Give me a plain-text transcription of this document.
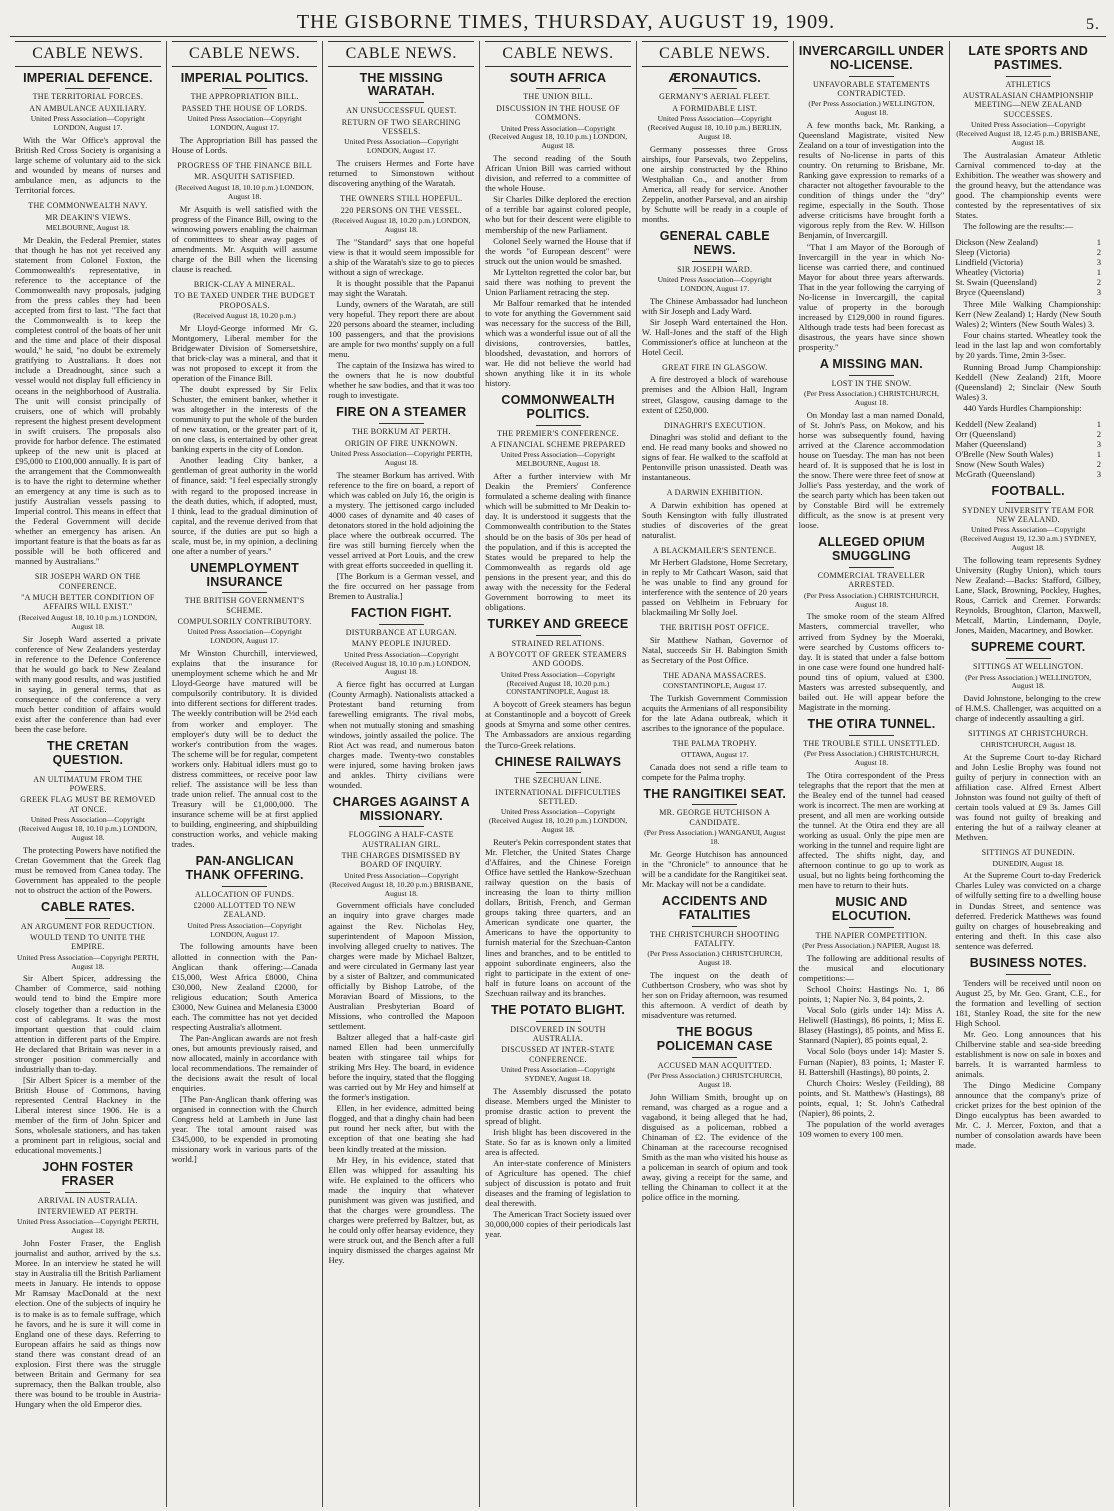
THE GISBORNE TIMES, THURSDAY, AUGUST 19, 1909.	5.
CABLE NEWS.
IMPERIAL DEFENCE.
THE TERRITORIAL FORCES.
AN AMBULANCE AUXILIARY.
United Press Association—Copyright LONDON, August 17.

With the War Office's approval the British Red Cross Society is organising a large scheme of voluntary aid to the sick and wounded by means of nurses and ambulance men, as adjuncts to the Territorial forces.

THE COMMONWEALTH NAVY.
MR DEAKIN'S VIEWS.
MELBOURNE, August 18.

Mr Deakin, the Federal Premier, states that though he has not yet received any statement from Colonel Foxton, the Commonwealth's representative, in reference to the acceptance of the Commonwealth navy proposals, judging from the press cables they had been accepted from first to last. "The fact that the Commonwealth is to keep the completest control of the boats of her unit and the time and place of their disposal would," he said, "no doubt be extremely gratifying to Australians. It does not include a Dreadnought, since such a vessel would not display full efficiency in oceans in the neighborhood of Australia. The unit will consist principally of cruisers, one of which will probably represent the highest present development in swift cruisers. The proposals also provide for harbor defence. The estimated upkeep of the new unit is placed at £95,000 to £100,000 annually. It is part of the arrangement that the Commonwealth is to have the right to determine whether an emergency at any time is such as to justify Australian vessels passing to Imperial control. This means in effect that the Federal Government will decide whether an emergency has arisen. An important feature is that the boats as far as possible will be both officered and manned by Australians."

SIR JOSEPH WARD ON THE CONFERENCE.
"A MUCH BETTER CONDITION OF AFFAIRS WILL EXIST."
(Received August 18, 10.10 p.m.) LONDON, August 18.

Sir Joseph Ward asserted a private conference of New Zealanders yesterday in reference to the Defence Conference that he would go back to New Zealand with many good results, and was justified in saying, in general terms, that as consequence of the conference a very much better condition of affairs would exist after the conference than had ever been the case before.

THE CRETAN QUESTION.
AN ULTIMATUM FROM THE POWERS.
GREEK FLAG MUST BE REMOVED AT ONCE.
United Press Association—Copyright (Received August 18, 10.10 p.m.) LONDON, August 18.

The protecting Powers have notified the Cretan Government that the Greek flag must be removed from Canea today. The Government has appealed to the people not to obstruct the action of the Powers.

CABLE RATES.
AN ARGUMENT FOR REDUCTION.
WOULD TEND TO UNITE THE EMPIRE.
United Press Association—Copyright PERTH, August 18.

Sir Albert Spicer, addressing the Chamber of Commerce, said nothing would tend to bind the Empire more closely together than a reduction in the cost of cablegrams. It was the most important question that could claim attention in different parts of the Empire. He declared that Britain was never in a stronger position commercially and industrially than to-day.

[Sir Albert Spicer is a member of the British House of Commons, having represented Central Hackney in the Liberal interest since 1906. He is a member of the firm of John Spicer and Sons, wholesale stationers, and has taken a prominent part in religious, social and educational movements.]

JOHN FOSTER FRASER
ARRIVAL IN AUSTRALIA.
INTERVIEWED AT PERTH.
United Press Association—Copyright PERTH, August 18.

John Foster Fraser, the English journalist and author, arrived by the s.s. Moree. In an interview he stated he will stay in Australia till the British Parliament meets in January. He intends to oppose Mr Ramsay MacDonald at the next election. One of the subjects of inquiry he is to make is as to female suffrage, which he favors, and he is sure it will come in England one of these days. Referring to European affairs he said as things now stand there was constant dread of an explosion. First there was the struggle between Britain and Germany for sea supremacy, then the Balkan trouble, also there was bound to be trouble in Austria-Hungary when the old Emperor dies.

CABLE NEWS.
IMPERIAL POLITICS.
THE APPROPRIATION BILL.
PASSED THE HOUSE OF LORDS.
United Press Association—Copyright LONDON, August 17.

The Appropriation Bill has passed the House of Lords.

PROGRESS OF THE FINANCE BILL
MR. ASQUITH SATISFIED.
(Received August 18, 10.10 p.m.) LONDON, August 18.

Mr Asquith is well satisfied with the progress of the Finance Bill, owing to the winnowing powers enabling the chairman of committees to shear away pages of amendments. Mr. Asquith will assume charge of the Bill when the licensing clause is reached.

BRICK-CLAY A MINERAL.
TO BE TAXED UNDER THE BUDGET PROPOSALS.
(Received August 18, 10.20 p.m.)

Mr Lloyd-George informed Mr G. Montgomery, Liberal member for the Bridgewater Division of Somersetshire, that brick-clay was a mineral, and that it was not proposed to except it from the operation of the Finance Bill.

The doubt expressed by Sir Felix Schuster, the eminent banker, whether it was altogether in the interests of the community to put the whole of the burden of new taxation, or the greater part of it, on one class, is entertained by other great banking experts in the city of London.

Another leading City banker, a gentleman of great authority in the world of finance, said: "I feel especially strongly with regard to the proposed increase in the death duties, which, if adopted, must, I think, lead to the gradual diminution of capital, and the revenue derived from that source, if the duties are put so high a scale, must be, in my opinion, a declining one after a number of years."

UNEMPLOYMENT INSURANCE
THE BRITISH GOVERNMENT'S SCHEME.
COMPULSORILY CONTRIBUTORY.
United Press Association—Copyright LONDON, August 17.

Mr Winston Churchill, interviewed, explains that the insurance for unemployment scheme which he and Mr Lloyd-George have matured will be compulsorily contributory. It is divided into different sections for different trades. The weekly contribution will be 2½d each from worker and employer. The employer's duty will be to deduct the worker's contribution from the wages. The scheme will be for regular, competent workers only. Habitual idlers must go to distress committees, or receive poor law relief. The assistance will be less than trade union relief. The annual cost to the Treasury will be £1,000,000. The insurance scheme will be at first applied to building, engineering, and shipbuilding construction works, and vehicle making trades.

PAN-ANGLICAN THANK OFFERING.
ALLOCATION OF FUNDS.
£2000 ALLOTTED TO NEW ZEALAND.
United Press Association—Copyright LONDON, August 17.

The following amounts have been allotted in connection with the Pan-Anglican thank offering:—Canada £15,000, West Africa £8000, China £30,000, New Zealand £2000, for religious education; South America £3000, New Guinea and Melanesia £3000 each. The committee has not yet decided respecting Australia's allotment.

The Pan-Anglican awards are not fresh ones, but amounts previously raised, and now allocated, mainly in accordance with local recommendations. The remainder of the decisions await the result of local enquiries.

[The Pan-Anglican thank offering was organised in connection with the Church Congress held at Lambeth in June last year. The total amount raised was £345,000, to be expended in promoting missionary work in various parts of the world.]

CABLE NEWS.
THE MISSING WARATAH.
AN UNSUCCESSFUL QUEST.
RETURN OF TWO SEARCHING VESSELS.
United Press Association—Copyright LONDON, August 17.

The cruisers Hermes and Forte have returned to Simonstown without discovering anything of the Waratah.

THE OWNERS STILL HOPEFUL.
220 PERSONS ON THE VESSEL.
(Received August 18, 10.20 p.m.) LONDON, August 18.

The "Standard" says that one hopeful view is that it would seem impossible for a ship of the Waratah's size to go to pieces without a sign of wreckage.

It is thought possible that the Papanui may sight the Waratah.

Lundy, owners of the Waratah, are still very hopeful. They report there are about 220 persons aboard the steamer, including 100 passengers, and that the provisions are ample for two months' supply on a full menu.

The captain of the Insizwa has wired to the owners that he is now doubtful whether he saw bodies, and that it was too rough to investigate.

FIRE ON A STEAMER
THE BORKUM AT PERTH.
ORIGIN OF FIRE UNKNOWN.
United Press Association—Copyright PERTH, August 18.

The steamer Borkum has arrived. With reference to the fire on board, a report of which was cabled on July 16, the origin is a mystery. The jettisoned cargo included 4000 cases of dynamite and 40 cases of detonators stored in the hold adjoining the place where the outbreak occurred. The fire was still burning fiercely when the vessel arrived at Port Louis, and the crew with great efforts succeeded in quelling it.

[The Borkum is a German vessel, and the fire occurred on her passage from Bremen to Australia.]

FACTION FIGHT.
DISTURBANCE AT LURGAN.
MANY PEOPLE INJURED.
United Press Association—Copyright (Received August 18, 10.10 p.m.) LONDON, August 18.

A fierce fight has occurred at Lurgan (County Armagh). Nationalists attacked a Protestant band returning from farewelling emigrants. The rival mobs, when not mutually stoning and smashing windows, jointly assailed the police. The Riot Act was read, and numerous baton charges made. Twenty-two constables were injured, some having broken jaws and ankles. Thirty civilians were wounded.

CHARGES AGAINST A MISSIONARY.
FLOGGING A HALF-CASTE AUSTRALIAN GIRL.
THE CHARGES DISMISSED BY BOARD OF INQUIRY.
United Press Association—Copyright (Received August 18, 10.20 p.m.) BRISBANE, August 18.

Government officials have concluded an inquiry into grave charges made against the Rev. Nicholas Hey, superintendent of Mapoon Mission, involving alleged cruelty to natives. The charges were made by Michael Baltzer, and were circulated in Germany last year by a sister of Baltzer, and communicated officially by Bishop Latrobe, of the Moravian Board of Missions, to the Australian Presbyterian Board of Missions, who controlled the Mapoon settlement.

Baltzer alleged that a half-caste girl named Ellen had been unmercifully beaten with stingaree tail whips for striking Mrs Hey. The board, in evidence before the inquiry, stated that the flogging was carried out by Mr Hey and himself at the former's instigation.

Ellen, in her evidence, admitted being flogged, and that a dinghy chain had been put round her neck after, but with the exception of that one beating she had been kindly treated at the mission.

Mr Hey, in his evidence, stated that Ellen was whipped for assaulting his wife. He explained to the officers who made the inquiry that whatever punishment was given was justified, and that the charges were groundless. The charges were preferred by Baltzer, but, as he could only offer hearsay evidence, they were struck out, and the Bench after a full inquiry dismissed the charges against Mr Hey.

CABLE NEWS.
SOUTH AFRICA
THE UNION BILL.
DISCUSSION IN THE HOUSE OF COMMONS.
United Press Association—Copyright (Received August 18, 10.10 p.m.) LONDON, August 18.

The second reading of the South African Union Bill was carried without division, and referred to a committee of the whole House.

Sir Charles Dilke deplored the erection of a terrible bar against colored people, who but for their descent were eligible to membership of the new Parliament.

Colonel Seely warned the House that if the words "of European descent" were struck out the union would be smashed.

Mr Lyttelton regretted the color bar, but said there was nothing to prevent the Union Parliament retracing the step.

Mr Balfour remarked that he intended to vote for anything the Government said was necessary for the success of the Bill, which was a wonderful issue out of all the divisions, controversies, battles, bloodshed, devastation, and horrors of war. He did not believe the world had shown anything like it in its whole history.

COMMONWEALTH POLITICS.
THE PREMIER'S CONFERENCE.
A FINANCIAL SCHEME PREPARED
United Press Association—Copyright MELBOURNE, August 18.

After a further interview with Mr Deakin the Premiers' Conference formulated a scheme dealing with finance which will be submitted to Mr Deakin to-day. It is understood it suggests that the Commonwealth contribution to the States should be on the basis of 30s per head of the population, and if this is accepted the States would be prepared to help the Commonwealth as regards old age pensions in the present year, and this do away with the necessity for the Federal Government borrowing to meet its obligations.

TURKEY AND GREECE
STRAINED RELATIONS.
A BOYCOTT OF GREEK STEAMERS AND GOODS.
United Press Association—Copyright (Received August 18, 10.20 p.m.) CONSTANTINOPLE, August 18.

A boycott of Greek steamers has begun at Constantinople and a boycott of Greek goods at Smyrna and some other centres. The Ambassadors are anxious regarding the Turco-Greek relations.

CHINESE RAILWAYS
THE SZECHUAN LINE.
INTERNATIONAL DIFFICULTIES SETTLED.
United Press Association—Copyright (Received August 18, 10.20 p.m.) LONDON, August 18.

Reuter's Pekin correspondent states that Mr. Fletcher, the United States Charge d'Affaires, and the Chinese Foreign Office have settled the Hankow-Szechuan railway question on the basis of increasing the loan to thirty million dollars, British, French, and German groups taking three quarters, and an American syndicate one quarter, the Americans to have the opportunity to furnish material for the Szechuan-Canton lines and branches, and to be entitled to appoint subordinate engineers, also the right to participate in the extent of one-half in future loans on account of the Szechuan railway and its branches.

THE POTATO BLIGHT.
DISCOVERED IN SOUTH AUSTRALIA.
DISCUSSED AT INTER-STATE CONFERENCE.
United Press Association—Copyright SYDNEY, August 18.

The Assembly discussed the potato disease. Members urged the Minister to promise drastic action to prevent the spread of blight.

Irish blight has been discovered in the State. So far as is known only a limited area is affected.

An inter-state conference of Ministers of Agriculture has opened. The chief subject of discussion is potato and fruit diseases and the framing of legislation to deal therewith.

The American Tract Society issued over 30,000,000 copies of their periodicals last year.

CABLE NEWS.
ÆRONAUTICS.
GERMANY'S AERIAL FLEET.
A FORMIDABLE LIST.
United Press Association—Copyright (Received August 18, 10.10 p.m.) BERLIN, August 18.

Germany possesses three Gross airships, four Parsevals, two Zeppelins, one airship constructed by the Rhino Westphalian Co., and another from America, all ready for service. Another Zeppelin, another Parseval, and an airship by Schutte will be ready in a couple of months.

GENERAL CABLE NEWS.
SIR JOSEPH WARD.
United Press Association—Copyright LONDON, August 17.

The Chinese Ambassador had luncheon with Sir Joseph and Lady Ward.

Sir Joseph Ward entertained the Hon. W. Hall-Jones and the staff of the High Commissioner's office at luncheon at the Hotel Cecil.

GREAT FIRE IN GLASGOW.

A fire destroyed a block of warehouse premises and the Albion Hall, Ingram street, Glasgow, causing damage to the extent of £250,000.

DINAGHRI'S EXECUTION.

Dinaghri was stolid and defiant to the end. He read many books and showed no signs of fear. He walked to the scaffold at Pentonville prison unassisted. Death was instantaneous.

A DARWIN EXHIBITION.

A Darwin exhibition has opened at South Kensington with fully illustrated studies of discoveries of the great naturalist.

A BLACKMAILER'S SENTENCE.

Mr Herbert Gladstone, Home Secretary, in reply to Mr Cathcart Wason, said that he was unable to find any ground for interference with the sentence of 20 years passed on Vehlheim in February for blackmailing Mr Solly Joel.

THE BRITISH POST OFFICE.

Sir Matthew Nathan, Governor of Natal, succeeds Sir H. Babington Smith as Secretary of the Post Office.

THE ADANA MASSACRES.
CONSTANTINOPLE, August 17.

The Turkish Government Commission acquits the Armenians of all responsibility for the late Adana outbreak, which it ascribes to the ignorance of the populace.

THE PALMA TROPHY.
OTTAWA, August 17.

Canada does not send a rifle team to compete for the Palma trophy.

THE RANGITIKEI SEAT.
MR. GEORGE HUTCHISON A CANDIDATE.
(Per Press Association.) WANGANUI, August 18.

Mr. George Hutchison has announced in the "Chronicle" to announce that he will be a candidate for the Rangitikei seat. Mr. Mackay will not be a candidate.

ACCIDENTS AND FATALITIES
THE CHRISTCHURCH SHOOTING FATALITY.
(Per Press Association.) CHRISTCHURCH, August 18.

The inquest on the death of Cuthbertson Crosbery, who was shot by her son on Friday afternoon, was resumed this afternoon. A verdict of death by misadventure was returned.

THE BOGUS POLICEMAN CASE
ACCUSED MAN ACQUITTED.
(Per Press Association.) CHRISTCHURCH, August 18.

John William Smith, brought up on remand, was charged as a rogue and a vagabond, it being alleged that he had, disguised as a policeman, robbed a Chinaman of £2. The evidence of the Chinaman at the racecourse recognised Smith as the man who visited his house as a policeman in search of opium and took away, giving a receipt for the same, and telling the Chinaman to collect it at the police office in the morning.

INVERCARGILL UNDER NO-LICENSE.
UNFAVORABLE STATEMENTS CONTRADICTED.
(Per Press Association.) WELLINGTON, August 18.

A few months back, Mr. Ranking, a Queensland Magistrate, visited New Zealand on a tour of investigation into the results of No-license in parts of this country. On returning to Brisbane, Mr. Ranking gave expression to remarks of a character not altogether favourable to the condition of things under the "dry" regime, especially in the South. Those adverse criticisms have brought forth a vigorous reply from the Rev. W. Hillson Benjamin, of Invercargill.

"That I am Mayor of the Borough of Invercargill in the year in which No-license was carried there, and continued Mayor for about three years afterwards. That in the year following the carrying of No-license in Invercargill, the capital value of property in the borough increased by £129,000 in round figures. Although trade tests had been forecast as disastrous, the years have since shown prosperity."

A MISSING MAN.
LOST IN THE SNOW.
(Per Press Association.) CHRISTCHURCH, August 18.

On Monday last a man named Donald, of St. John's Pass, on Mokow, and his horse was subsequently found, having arrived at the Clarence accommodation house on Tuesday. The man has not been heard of. It is supposed that he is lost in the snow. There were three feet of snow at Jollie's Pass yesterday, and the work of the search party which has been taken out by Constable Bird will be extremely difficult, as the snow is at present very loose.

ALLEGED OPIUM SMUGGLING
COMMERCIAL TRAVELLER ARRESTED.
(Per Press Association.) CHRISTCHURCH, August 18.

The smoke room of the steam Alfred Masters, commercial traveller, who arrived from Sydney by the Moeraki, were searched by Customs officers to-day. It is stated that under a false bottom in one case were found one hundred half-pound tins of opium, valued at £300. Masters was arrested subsequently, and bailed out. He will appear before the Magistrate in the morning.

THE OTIRA TUNNEL.
THE TROUBLE STILL UNSETTLED.
(Per Press Association.) CHRISTCHURCH, August 18.

The Otira correspondent of the Press telegraphs that the report that the men at the Bealey end of the tunnel had ceased work is incorrect. The men are working at present, and all men are working outside the tunnel. At the Otira end they are all working as usual. Only the pipe men are working in the tunnel and require light are affected. The shifts night, day, and afternoon continue to go up to work as usual, but no lights being forthcoming the men have to return to their huts.

MUSIC AND ELOCUTION.
THE NAPIER COMPETITION.
(Per Press Association.) NAPIER, August 18.

The following are additional results of the musical and elocutionary competitions:—

School Choirs: Hastings No. 1, 86 points, 1; Napier No. 3, 84 points, 2.

Vocal Solo (girls under 14): Miss A. Heliwell (Hastings), 86 points, 1; Miss E. Blasey (Hastings), 85 points, and Miss E. Stannard (Napier), 85 points equal, 2.

Vocal Solo (boys under 14): Master S. Furnan (Napier), 83 points, 1; Master F. H. Battershill (Hastings), 80 points, 2.

Church Choirs: Wesley (Feilding), 88 points, and St. Matthew's (Hastings), 88 points, equal, 1; St. John's Cathedral (Napier), 86 points, 2.

The population of the world averages 109 women to every 100 men.

LATE SPORTS AND PASTIMES.
ATHLETICS
AUSTRALASIAN CHAMPIONSHIP MEETING—NEW ZEALAND SUCCESSES.
United Press Association—Copyright (Received August 18, 12.45 p.m.) BRISBANE, August 18.

The Australasian Amateur Athletic Carnival commenced to-day at the Exhibition. The weather was showery and the ground heavy, but the attendance was good. The championship events were contested by the representatives of six States.

The following are the results:—

Dickson (New Zealand)	1
Sleep (Victoria)	2
Lindfield (Victoria)	3
Wheatley (Victoria)	1
St. Swain (Queensland)	2
Bryce (Queensland)	3

Three Mile Walking Championship: Kerr (New Zealand) 1; Hardy (New South Wales) 2; Winters (New South Wales) 3.

Four chains started. Wheatley took the lead in the last lap and won comfortably by 20 yards. Time, 2min 3-5sec.

Running Broad Jump Championship: Keddell (New Zealand) 21ft, Moore (Queensland) 2; Sinclair (New South Wales) 3.

440 Yards Hurdles Championship:

Keddell (New Zealand)	1
Orr (Queensland)	2
Maher (Queensland)	3
O'Brelle (New South Wales)	1
Snow (New South Wales)	2
McGrath (Queensland)	3
FOOTBALL.
SYDNEY UNIVERSITY TEAM FOR NEW ZEALAND.
United Press Association—Copyright (Received August 19, 12.30 a.m.) SYDNEY, August 18.

The following team represents Sydney University (Rugby Union), which tours New Zealand:—Backs: Stafford, Gilbey, Lane, Slack, Browning, Pockley, Hughes, Rous, Carrick and Cremer. Forwards: Reynolds, Broughton, Clarton, Maxwell, Metcalf, Martin, Lindemann, Doyle, Jones, Maiden, Macartney, and Bowker.

SUPREME COURT.
SITTINGS AT WELLINGTON.
(Per Press Association.) WELLINGTON, August 18.

David Johnstone, belonging to the crew of H.M.S. Challenger, was acquitted on a charge of indecently assaulting a girl.

SITTINGS AT CHRISTCHURCH.
CHRISTCHURCH, August 18.

At the Supreme Court to-day Richard and John Leslie Brophy was found not guilty of perjury in connection with an affiliation case. Alfred Ernest Albert Johnston was found not guilty of theft of certain tools valued at £9 3s. James Gill was found not guilty of breaking and entering the hut of a railway cleaner at Methven.

SITTINGS AT DUNEDIN.
DUNEDIN, August 18.

At the Supreme Court to-day Frederick Charles Luley was convicted on a charge of wilfully setting fire to a dwelling house in Dundas Street, and sentence was deferred. Frederick Matthews was found guilty on charges of housebreaking and entering and theft. In this case also sentence was deferred.

BUSINESS NOTES.

Tenders will be received until noon on August 25, by Mr. Geo. Grant, C.E., for the formation and levelling of section 181, Stanley Road, the site for the new High School.

Mr. Geo. Long announces that his Chilbervine stable and sea-side breeding establishment is now on sale in boxes and barrels. It is warranted harmless to animals.

The Dingo Medicine Company announce that the company's prize of cricket prizes for the best opinion of the Dingo eucalyptus has been awarded to Mr. C. J. Mercer, Foxton, and that a number of consolation awards have been made.
